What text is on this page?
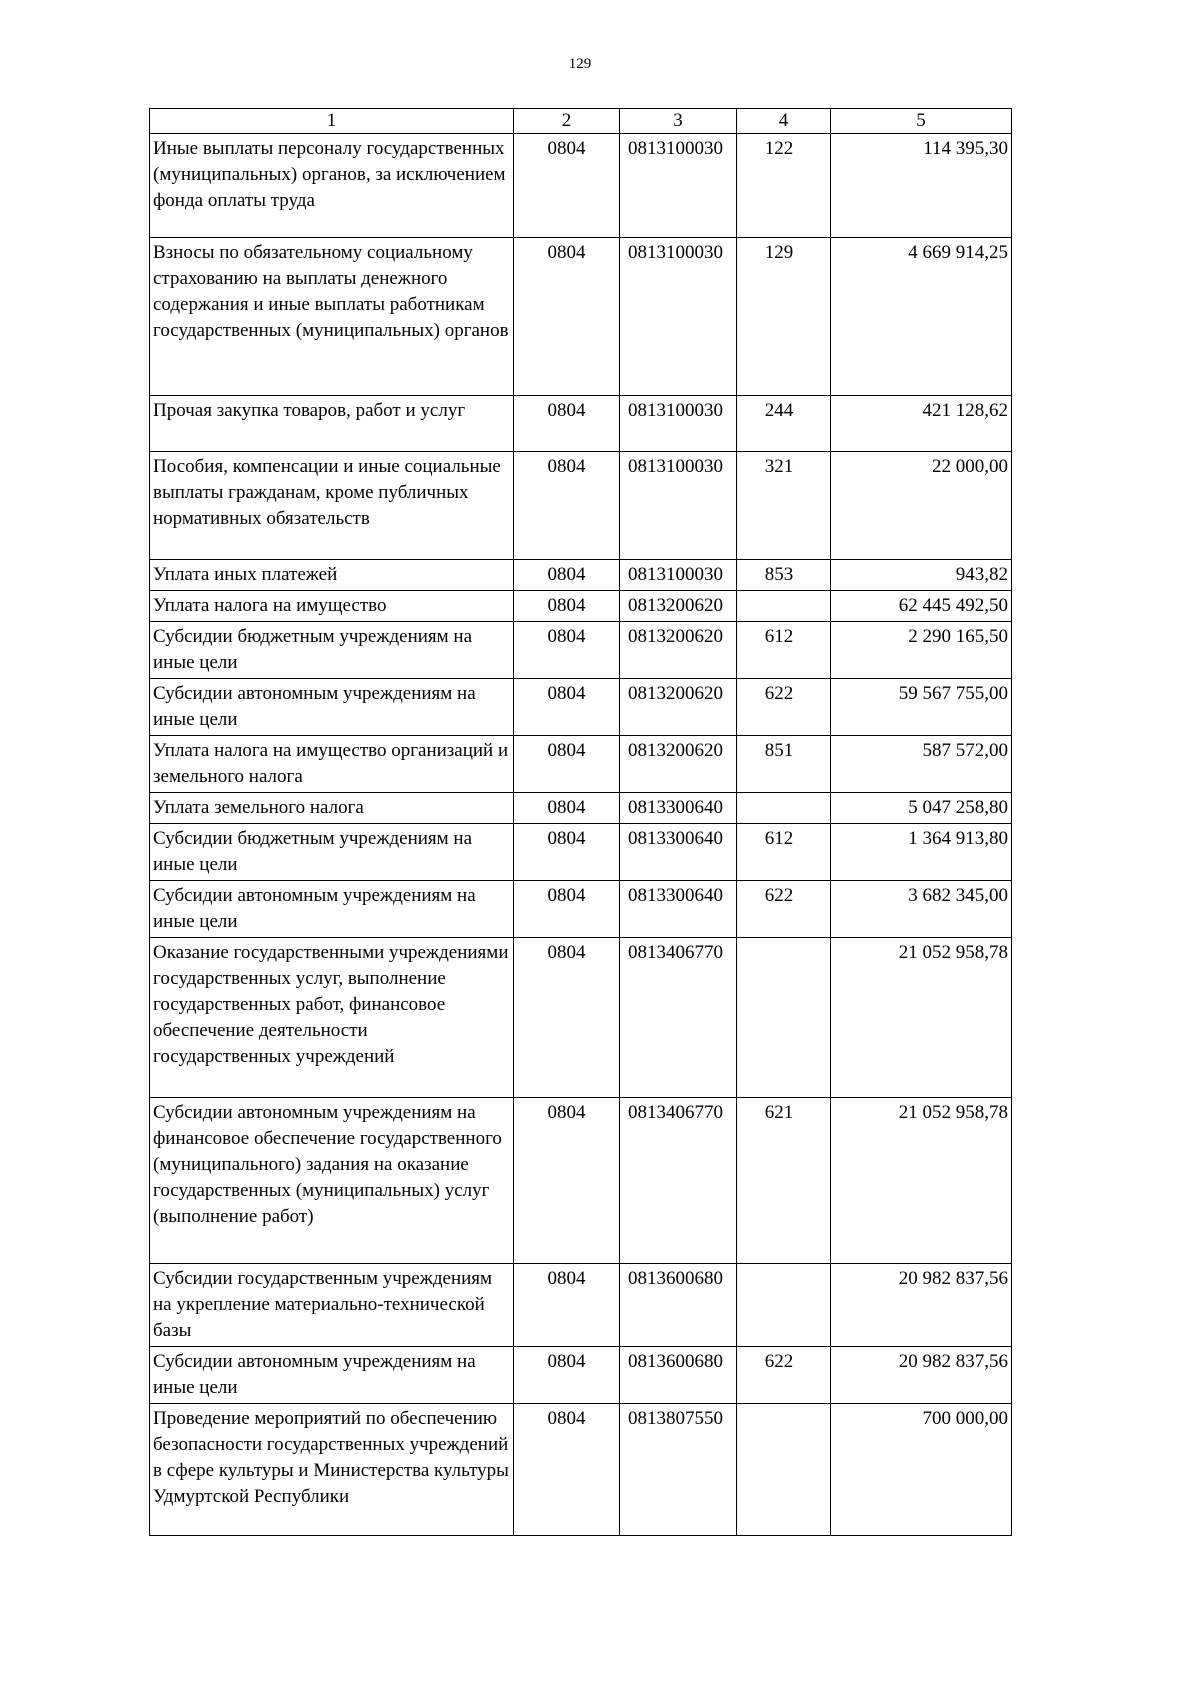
129
1	2	3	4	5
Иные выплаты персоналу государственных (муниципальных) органов, за исключением фонда оплаты труда	0804	0813100030	122	114 395,30
Взносы по обязательному социальному страхованию на выплаты денежного содержания и иные выплаты работникам государственных (муниципальных) органов	0804	0813100030	129	4 669 914,25
Прочая закупка товаров, работ и услуг	0804	0813100030	244	421 128,62
Пособия, компенсации и иные социальные выплаты гражданам, кроме публичных нормативных обязательств	0804	0813100030	321	22 000,00
Уплата иных платежей	0804	0813100030	853	943,82
Уплата налога на имущество	0804	0813200620		62 445 492,50
Субсидии бюджетным учреждениям на иные цели	0804	0813200620	612	2 290 165,50
Субсидии автономным учреждениям на иные цели	0804	0813200620	622	59 567 755,00
Уплата налога на имущество организаций и земельного налога	0804	0813200620	851	587 572,00
Уплата земельного налога	0804	0813300640		5 047 258,80
Субсидии бюджетным учреждениям на иные цели	0804	0813300640	612	1 364 913,80
Субсидии автономным учреждениям на иные цели	0804	0813300640	622	3 682 345,00
Оказание государственными учреждениями государственных услуг, выполнение государственных работ, финансовое обеспечение деятельности государственных учреждений	0804	0813406770		21 052 958,78
Субсидии автономным учреждениям на финансовое обеспечение государственного (муниципального) задания на оказание государственных (муниципальных) услуг (выполнение работ)	0804	0813406770	621	21 052 958,78
Субсидии государственным учреждениям на укрепление материально-технической базы	0804	0813600680		20 982 837,56
Субсидии автономным учреждениям на иные цели	0804	0813600680	622	20 982 837,56
Проведение мероприятий по обеспечению безопасности государственных учреждений в сфере культуры и Министерства культуры Удмуртской Республики	0804	0813807550		700 000,00
